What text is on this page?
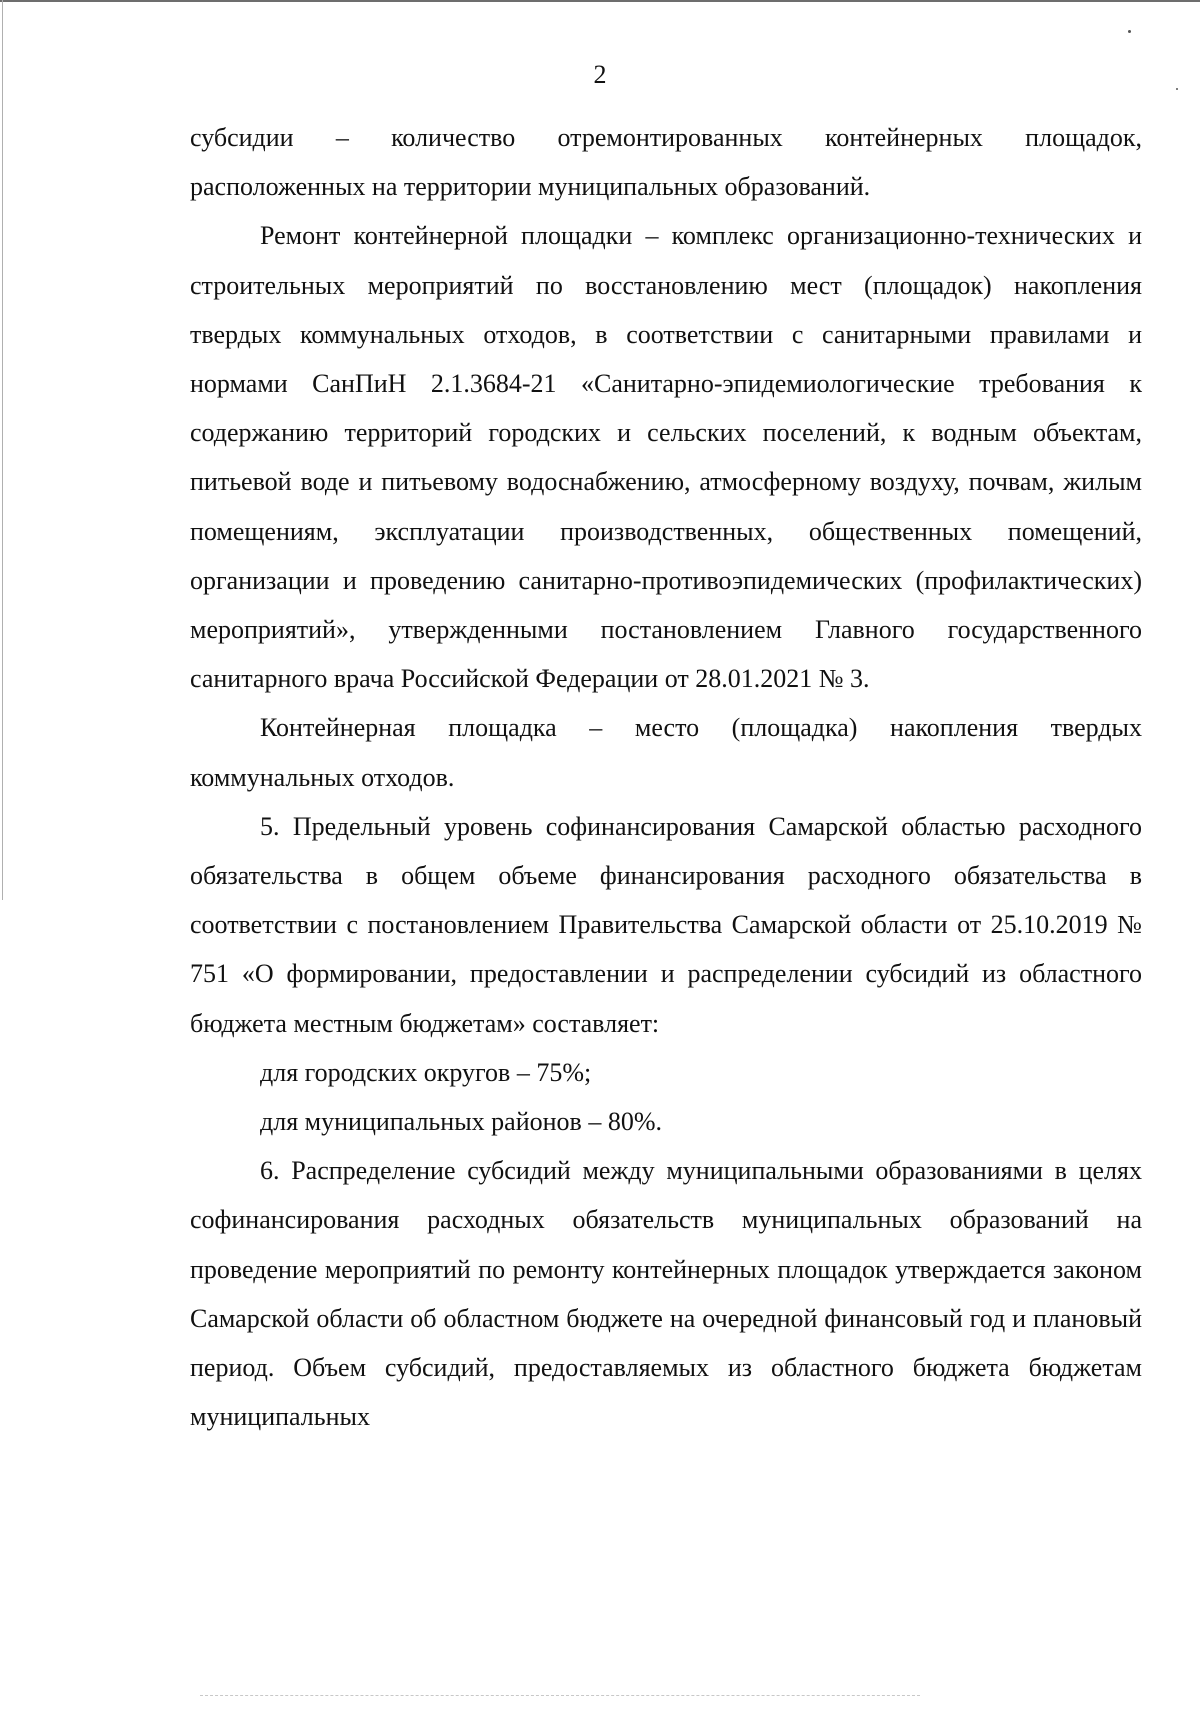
2

субсидии – количество отремонтированных контейнерных площадок, расположенных на территории муниципальных образований.

Ремонт контейнерной площадки – комплекс организационно-технических и строительных мероприятий по восстановлению мест (площадок) накопления твердых коммунальных отходов, в соответствии с санитарными правилами и нормами СанПиН 2.1.3684-21 «Санитарно-эпидемиологические требования к содержанию территорий городских и сельских поселений, к водным объектам, питьевой воде и питьевому водоснабжению, атмосферному воздуху, почвам, жилым помещениям, эксплуатации производственных, общественных помещений, организации и проведению санитарно-противоэпидемических (профилактических) мероприятий», утвержденными постановлением Главного государственного санитарного врача Российской Федерации от 28.01.2021 № 3.

Контейнерная площадка – место (площадка) накопления твердых коммунальных отходов.

5. Предельный уровень софинансирования Самарской областью расходного обязательства в общем объеме финансирования расходного обязательства в соответствии с постановлением Правительства Самарской области от 25.10.2019 № 751 «О формировании, предоставлении и распределении субсидий из областного бюджета местным бюджетам» составляет:

для городских округов – 75%;

для муниципальных районов – 80%.

6. Распределение субсидий между муниципальными образованиями в целях софинансирования расходных обязательств муниципальных образований на проведение мероприятий по ремонту контейнерных площадок утверждается законом Самарской области об областном бюджете на очередной финансовый год и плановый период. Объем субсидий, предоставляемых из областного бюджета бюджетам муниципальных
